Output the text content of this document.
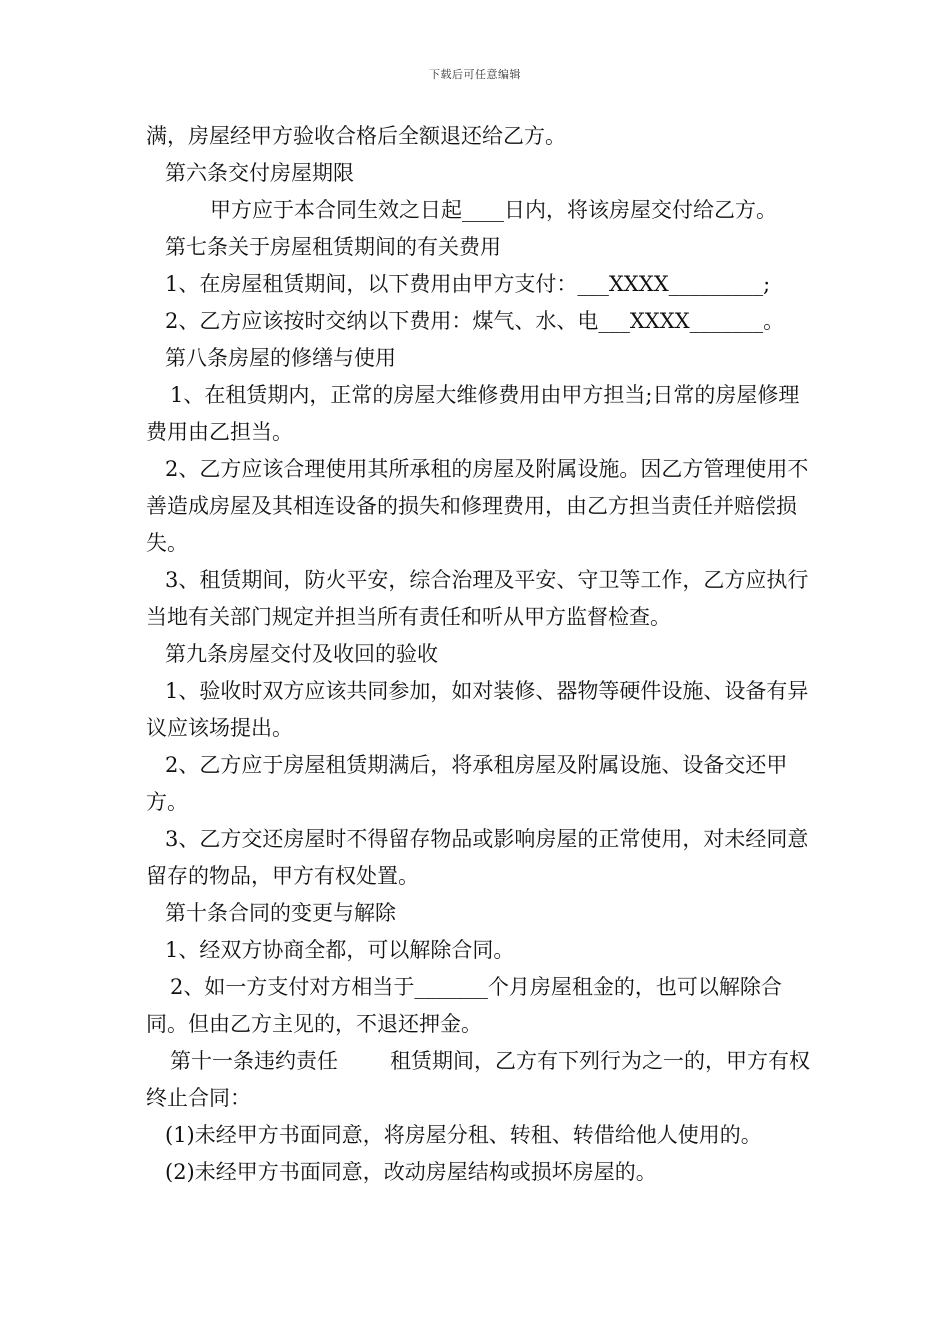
下载后可任意编辑

满，房屋经甲方验收合格后全额退还给乙方。

第六条交付房屋期限

甲方应于本合同生效之日起____日内，将该房屋交付给乙方。

第七条关于房屋租赁期间的有关费用

1、在房屋租赁期间，以下费用由甲方支付：___XXXX_________;

2、乙方应该按时交纳以下费用：煤气、水、电___XXXX_______。

第八条房屋的修缮与使用

1、在租赁期内，正常的房屋大维修费用由甲方担当;日常的房屋修理费用由乙担当。

2、乙方应该合理使用其所承租的房屋及附属设施。因乙方管理使用不善造成房屋及其相连设备的损失和修理费用，由乙方担当责任并赔偿损失。

3、租赁期间，防火平安，综合治理及平安、守卫等工作，乙方应执行当地有关部门规定并担当所有责任和听从甲方监督检查。

第九条房屋交付及收回的验收

1、验收时双方应该共同参加，如对装修、器物等硬件设施、设备有异议应该场提出。

2、乙方应于房屋租赁期满后，将承租房屋及附属设施、设备交还甲方。

3、乙方交还房屋时不得留存物品或影响房屋的正常使用，对未经同意留存的物品，甲方有权处置。

第十条合同的变更与解除

1、经双方协商全都，可以解除合同。

2、如一方支付对方相当于_______个月房屋租金的，也可以解除合同。但由乙方主见的，不退还押金。

第十一条违约责任 租赁期间，乙方有下列行为之一的，甲方有权终止合同：

(1)未经甲方书面同意，将房屋分租、转租、转借给他人使用的。

(2)未经甲方书面同意，改动房屋结构或损坏房屋的。
